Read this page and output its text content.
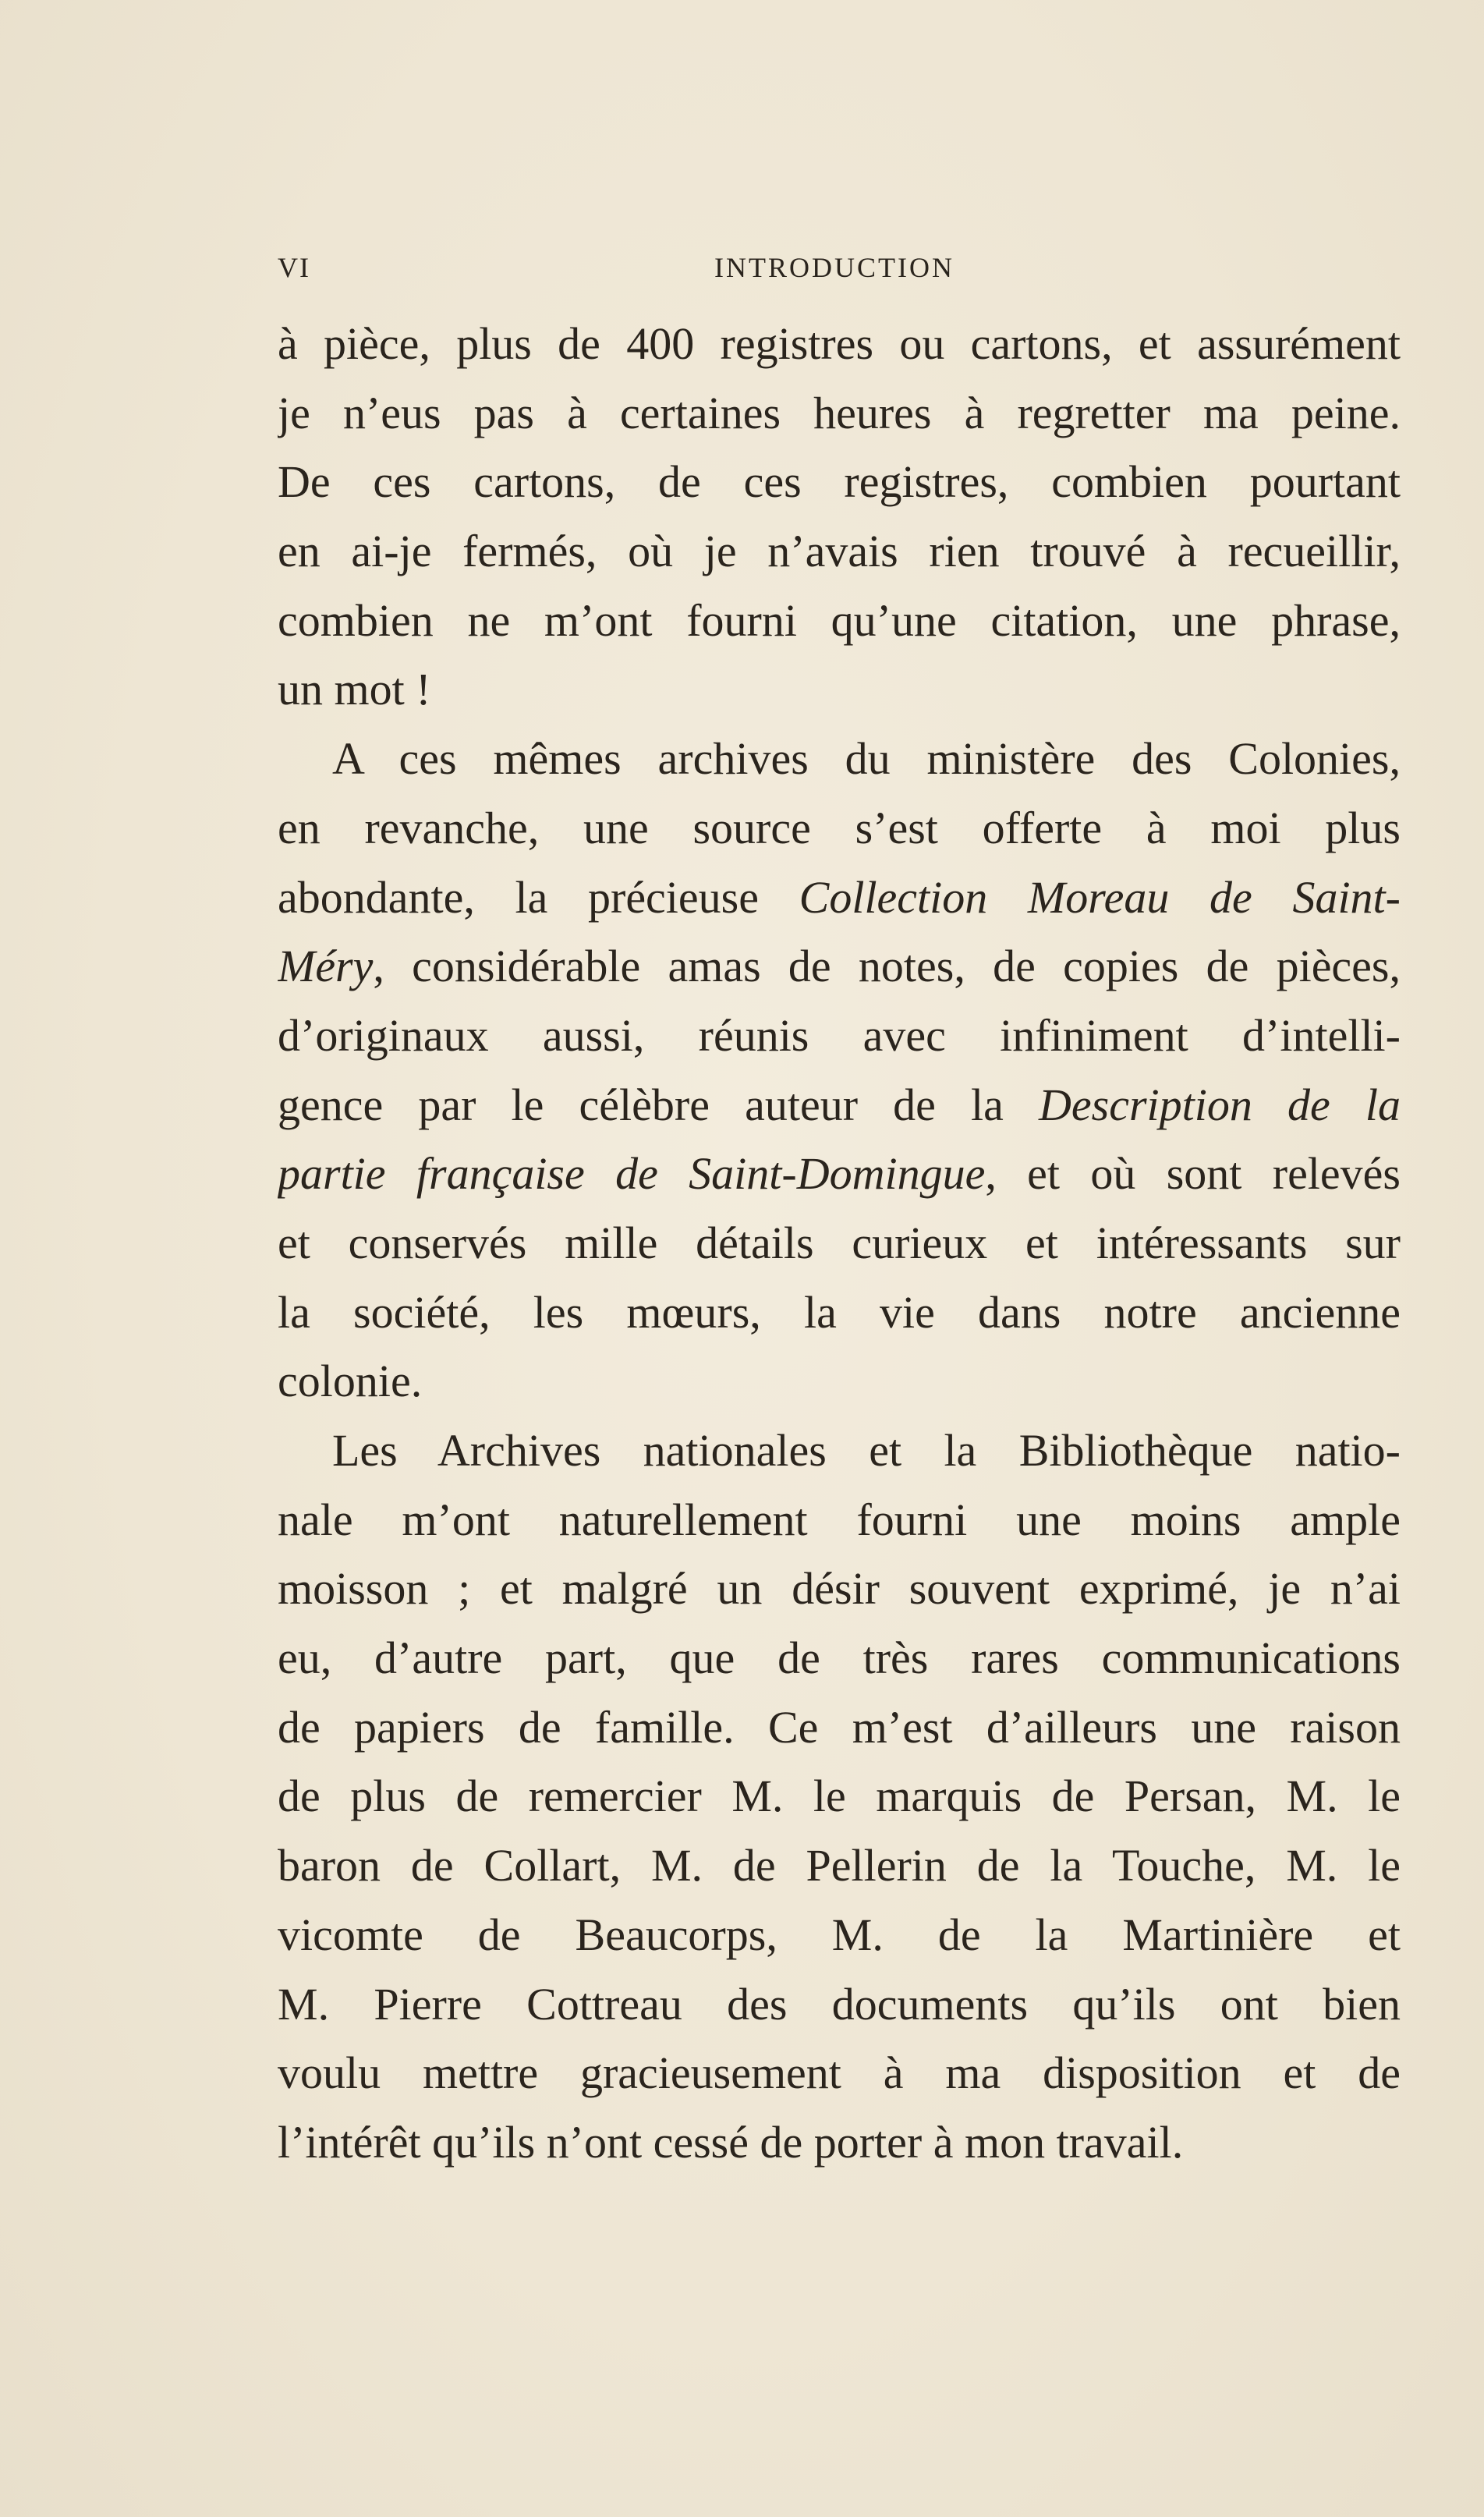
VI	INTRODUCTION
à pièce, plus de 400 registres ou cartons, et assurément
je n’eus pas à certaines heures à regretter ma peine.
De ces cartons, de ces registres, combien pourtant
en ai-je fermés, où je n’avais rien trouvé à recueillir,
combien ne m’ont fourni qu’une citation, une phrase,
un mot !
A ces mêmes archives du ministère des Colonies,
en revanche, une source s’est offerte à moi plus
abondante, la précieuse Collection Moreau de Saint-
Méry, considérable amas de notes, de copies de pièces,
d’originaux aussi, réunis avec infiniment d’intelli-
gence par le célèbre auteur de la Description de la
partie française de Saint-Domingue, et où sont relevés
et conservés mille détails curieux et intéressants sur
la société, les mœurs, la vie dans notre ancienne
colonie.
Les Archives nationales et la Bibliothèque natio-
nale m’ont naturellement fourni une moins ample
moisson ; et malgré un désir souvent exprimé, je n’ai
eu, d’autre part, que de très rares communications
de papiers de famille. Ce m’est d’ailleurs une raison
de plus de remercier M. le marquis de Persan, M. le
baron de Collart, M. de Pellerin de la Touche, M. le
vicomte de Beaucorps, M. de la Martinière et
M. Pierre Cottreau des documents qu’ils ont bien
voulu mettre gracieusement à ma disposition et de
l’intérêt qu’ils n’ont cessé de porter à mon travail.
